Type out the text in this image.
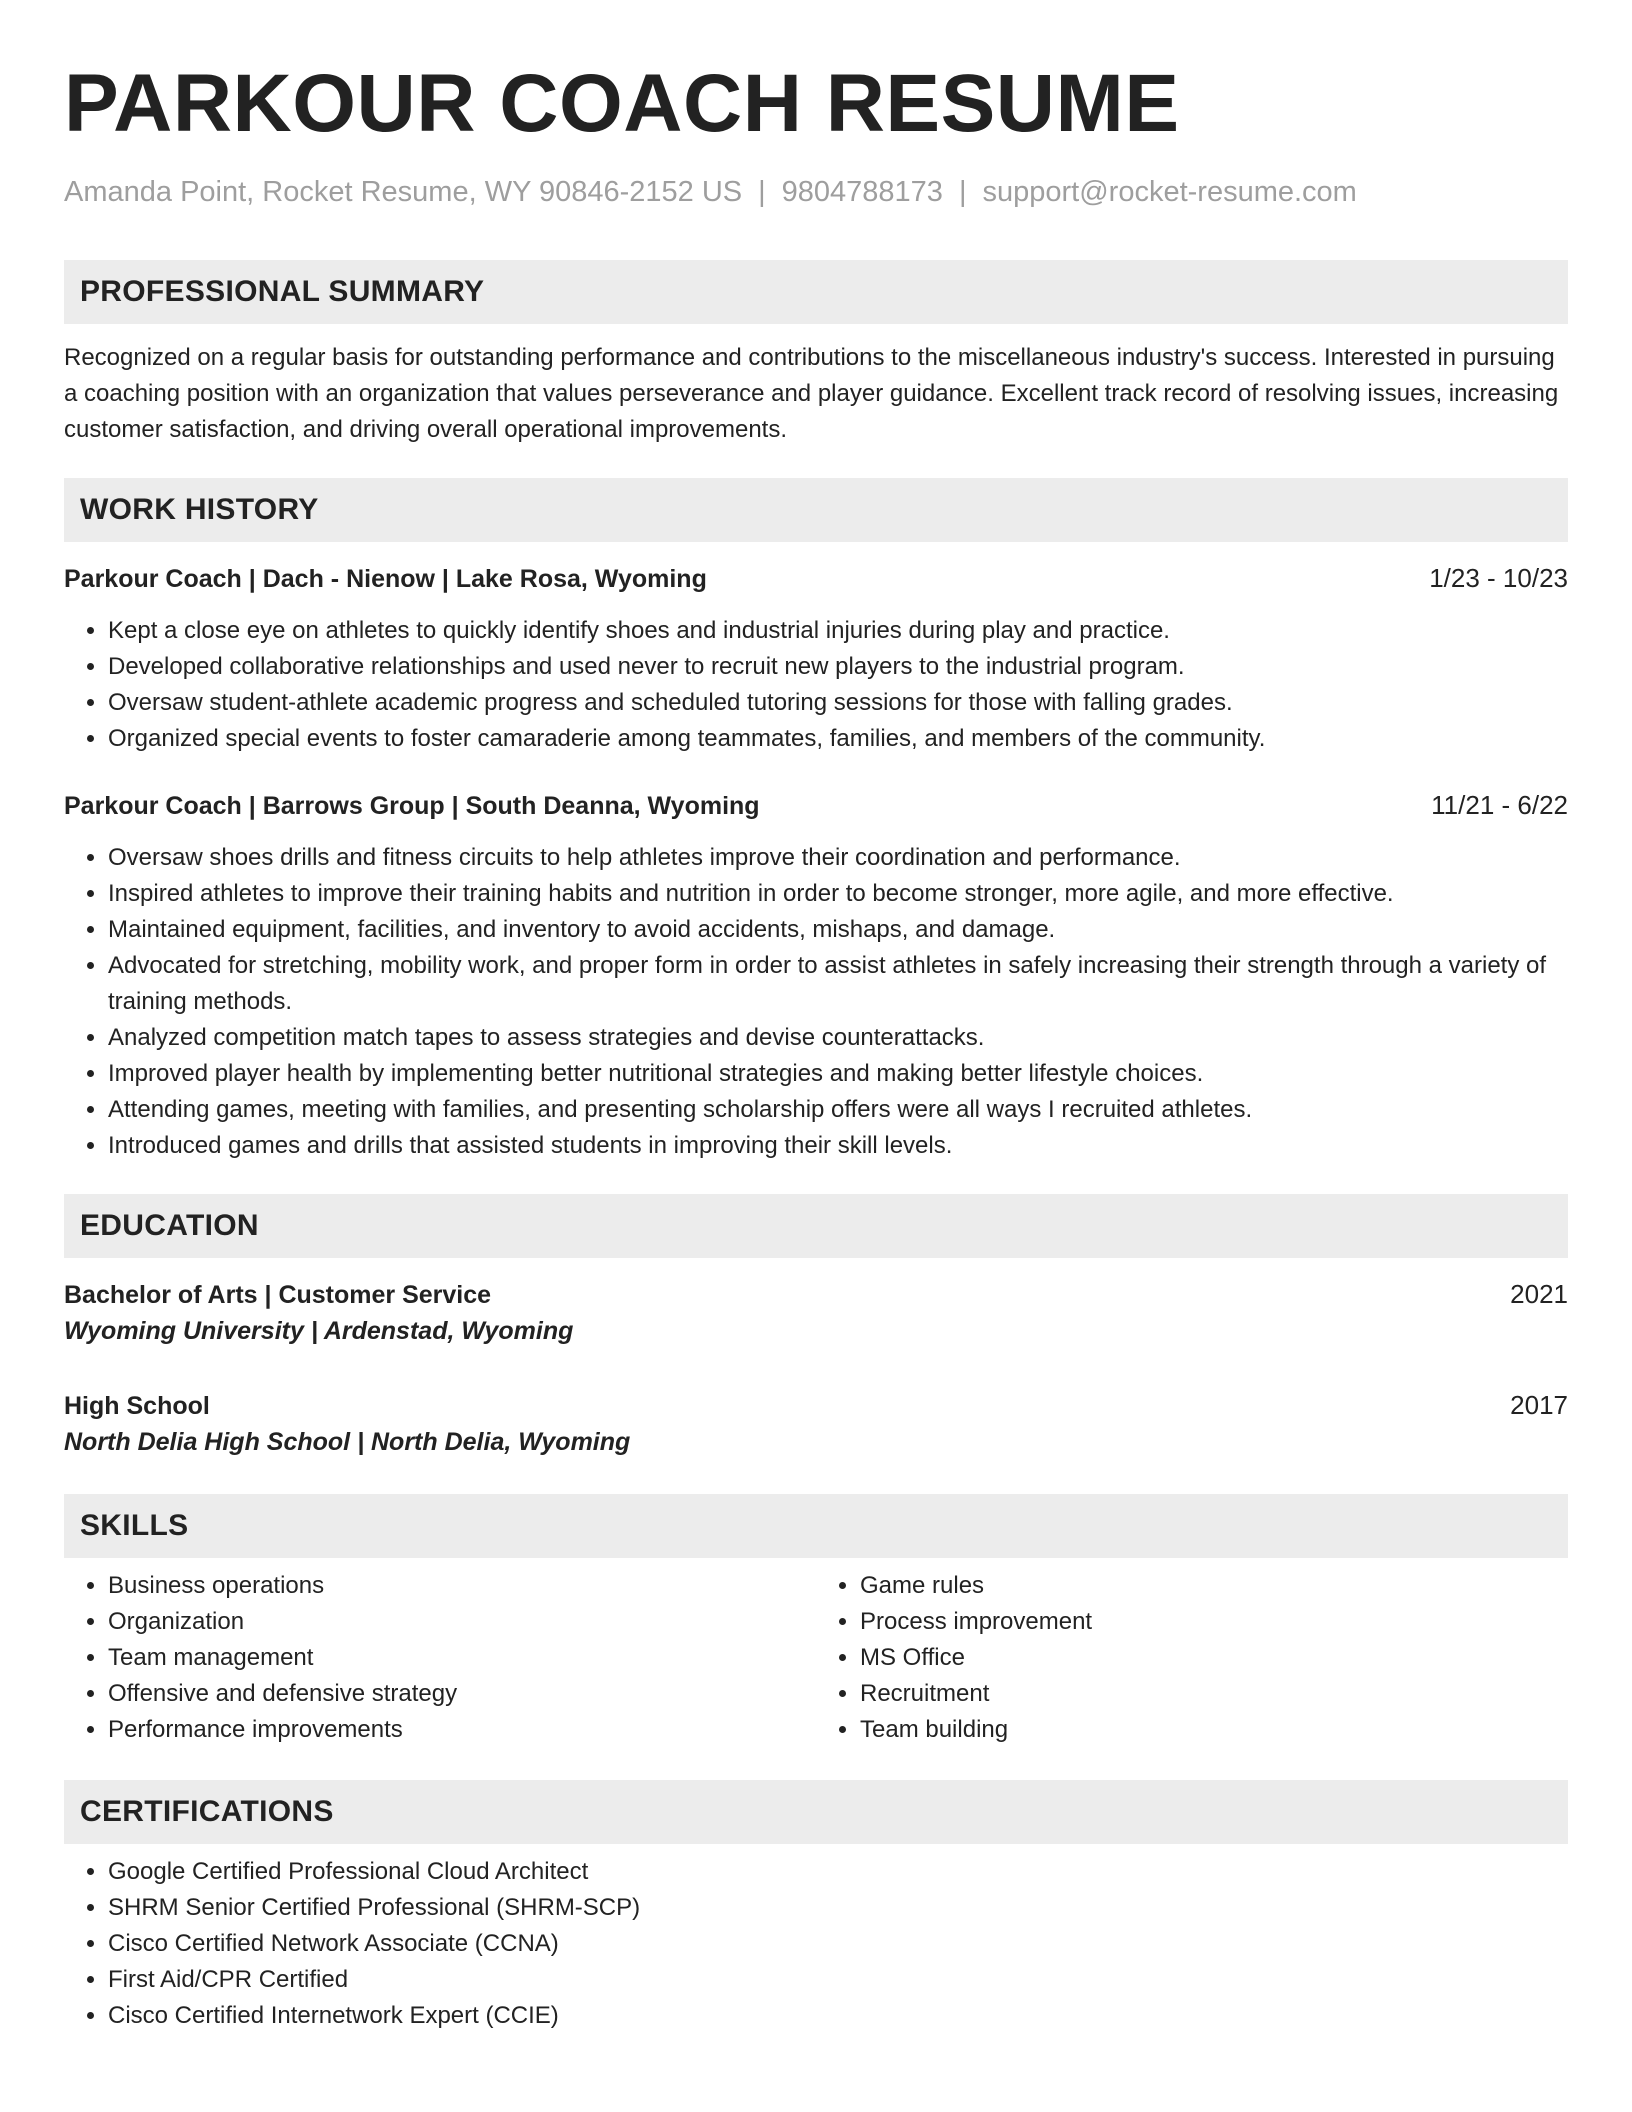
PARKOUR COACH RESUME
Amanda Point, Rocket Resume, WY 90846-2152 US | 9804788173 | support@rocket-resume.com
PROFESSIONAL SUMMARY
Recognized on a regular basis for outstanding performance and contributions to the miscellaneous industry's success. Interested in pursuing a coaching position with an organization that values perseverance and player guidance. Excellent track record of resolving issues, increasing customer satisfaction, and driving overall operational improvements.
WORK HISTORY
Parkour Coach | Dach - Nienow | Lake Rosa, Wyoming	1/23 - 10/23
• Kept a close eye on athletes to quickly identify shoes and industrial injuries during play and practice.
• Developed collaborative relationships and used never to recruit new players to the industrial program.
• Oversaw student-athlete academic progress and scheduled tutoring sessions for those with falling grades.
• Organized special events to foster camaraderie among teammates, families, and members of the community.
Parkour Coach | Barrows Group | South Deanna, Wyoming	11/21 - 6/22
• Oversaw shoes drills and fitness circuits to help athletes improve their coordination and performance.
• Inspired athletes to improve their training habits and nutrition in order to become stronger, more agile, and more effective.
• Maintained equipment, facilities, and inventory to avoid accidents, mishaps, and damage.
• Advocated for stretching, mobility work, and proper form in order to assist athletes in safely increasing their strength through a variety of training methods.
• Analyzed competition match tapes to assess strategies and devise counterattacks.
• Improved player health by implementing better nutritional strategies and making better lifestyle choices.
• Attending games, meeting with families, and presenting scholarship offers were all ways I recruited athletes.
• Introduced games and drills that assisted students in improving their skill levels.
EDUCATION
Bachelor of Arts | Customer Service	2021
Wyoming University | Ardenstad, Wyoming
High School	2017
North Delia High School | North Delia, Wyoming
SKILLS
• Business operations
• Organization
• Team management
• Offensive and defensive strategy
• Performance improvements
• Game rules
• Process improvement
• MS Office
• Recruitment
• Team building
CERTIFICATIONS
• Google Certified Professional Cloud Architect
• SHRM Senior Certified Professional (SHRM-SCP)
• Cisco Certified Network Associate (CCNA)
• First Aid/CPR Certified
• Cisco Certified Internetwork Expert (CCIE)
